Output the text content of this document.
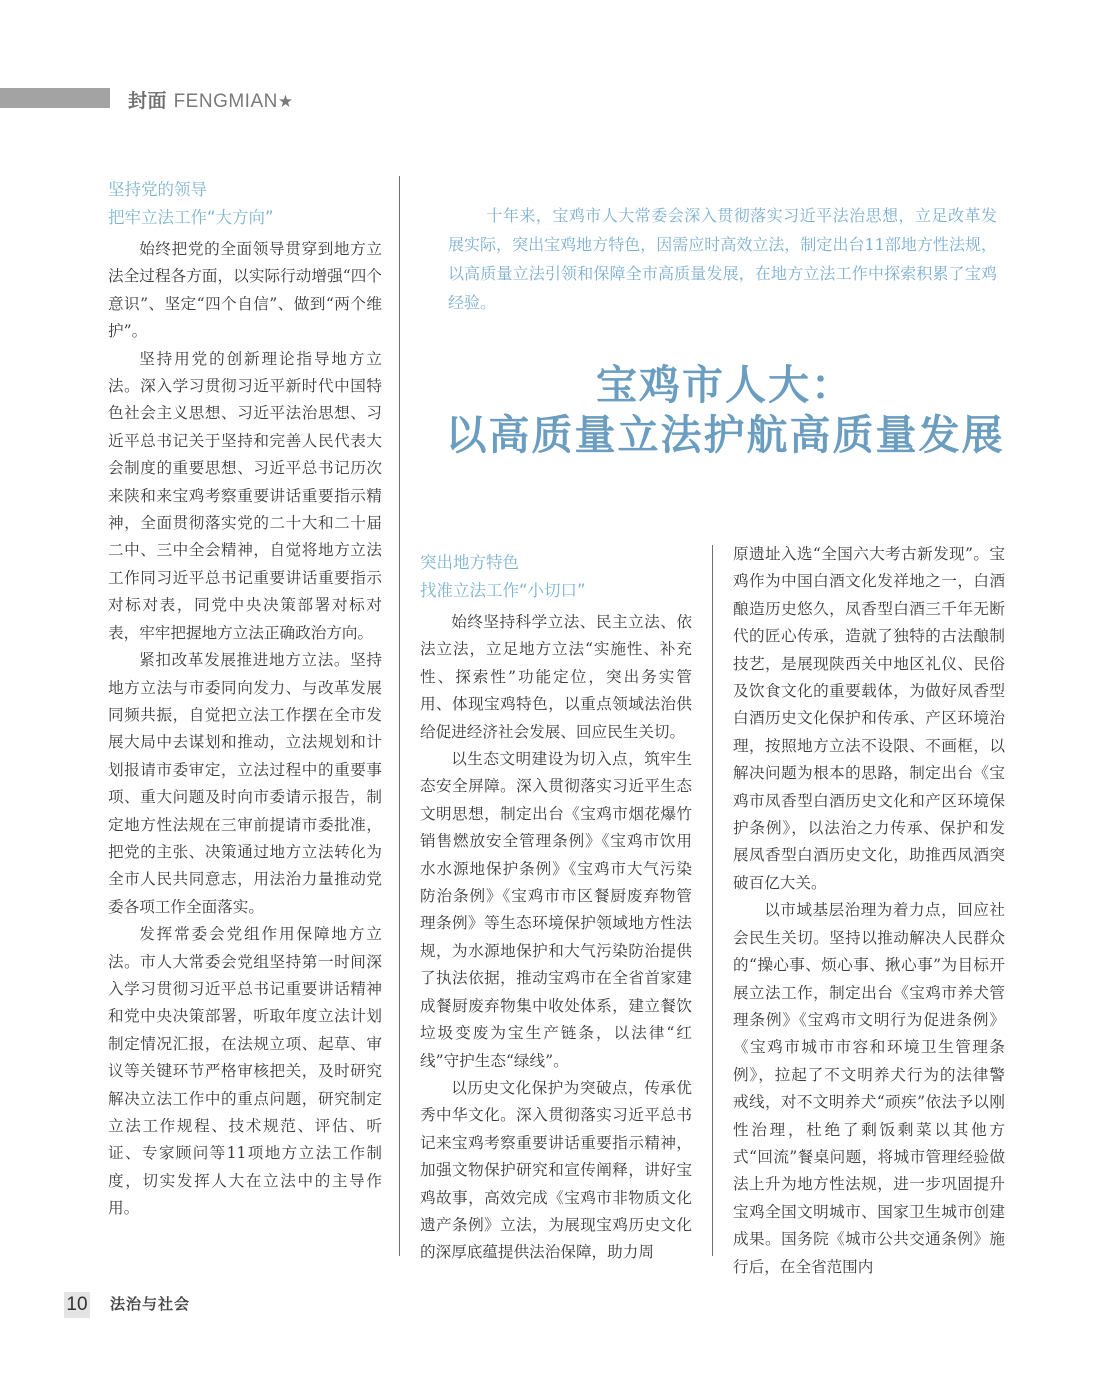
封面 FENGMIAN★
坚持党的领导
把牢立法工作“大方向”

始终把党的全面领导贯穿到地方立法全过程各方面，以实际行动增强“四个意识”、坚定“四个自信”、做到“两个维护”。

坚持用党的创新理论指导地方立法。深入学习贯彻习近平新时代中国特色社会主义思想、习近平法治思想、习近平总书记关于坚持和完善人民代表大会制度的重要思想、习近平总书记历次来陕和来宝鸡考察重要讲话重要指示精神，全面贯彻落实党的二十大和二十届二中、三中全会精神，自觉将地方立法工作同习近平总书记重要讲话重要指示对标对表，同党中央决策部署对标对表，牢牢把握地方立法正确政治方向。

紧扣改革发展推进地方立法。坚持地方立法与市委同向发力、与改革发展同频共振，自觉把立法工作摆在全市发展大局中去谋划和推动，立法规划和计划报请市委审定，立法过程中的重要事项、重大问题及时向市委请示报告，制定地方性法规在三审前提请市委批准，把党的主张、决策通过地方立法转化为全市人民共同意志，用法治力量推动党委各项工作全面落实。

发挥常委会党组作用保障地方立法。市人大常委会党组坚持第一时间深入学习贯彻习近平总书记重要讲话精神和党中央决策部署，听取年度立法计划制定情况汇报，在法规立项、起草、审议等关键环节严格审核把关，及时研究解决立法工作中的重点问题，研究制定立法工作规程、技术规范、评估、听证、专家顾问等11项地方立法工作制度，切实发挥人大在立法中的主导作用。

十年来，宝鸡市人大常委会深入贯彻落实习近平法治思想，立足改革发展实际，突出宝鸡地方特色，因需应时高效立法，制定出台11部地方性法规，以高质量立法引领和保障全市高质量发展，在地方立法工作中探索积累了宝鸡经验。

宝鸡市人大：
以高质量立法护航高质量发展
突出地方特色
找准立法工作“小切口”

始终坚持科学立法、民主立法、依法立法，立足地方立法“实施性、补充性、探索性”功能定位，突出务实管用、体现宝鸡特色，以重点领域法治供给促进经济社会发展、回应民生关切。

以生态文明建设为切入点，筑牢生态安全屏障。深入贯彻落实习近平生态文明思想，制定出台《宝鸡市烟花爆竹销售燃放安全管理条例》《宝鸡市饮用水水源地保护条例》《宝鸡市大气污染防治条例》《宝鸡市市区餐厨废弃物管理条例》等生态环境保护领域地方性法规，为水源地保护和大气污染防治提供了执法依据，推动宝鸡市在全省首家建成餐厨废弃物集中收处体系，建立餐饮垃圾变废为宝生产链条，以法律“红线”守护生态“绿线”。

以历史文化保护为突破点，传承优秀中华文化。深入贯彻落实习近平总书记来宝鸡考察重要讲话重要指示精神，加强文物保护研究和宣传阐释，讲好宝鸡故事，高效完成《宝鸡市非物质文化遗产条例》立法，为展现宝鸡历史文化的深厚底蕴提供法治保障，助力周

原遗址入选“全国六大考古新发现”。宝鸡作为中国白酒文化发祥地之一，白酒酿造历史悠久，凤香型白酒三千年无断代的匠心传承，造就了独特的古法酿制技艺，是展现陕西关中地区礼仪、民俗及饮食文化的重要载体，为做好凤香型白酒历史文化保护和传承、产区环境治理，按照地方立法不设限、不画框，以解决问题为根本的思路，制定出台《宝鸡市凤香型白酒历史文化和产区环境保护条例》，以法治之力传承、保护和发展凤香型白酒历史文化，助推西凤酒突破百亿大关。

以市域基层治理为着力点，回应社会民生关切。坚持以推动解决人民群众的“操心事、烦心事、揪心事”为目标开展立法工作，制定出台《宝鸡市养犬管理条例》《宝鸡市文明行为促进条例》《宝鸡市城市市容和环境卫生管理条例》，拉起了不文明养犬行为的法律警戒线，对不文明养犬“顽疾”依法予以刚性治理，杜绝了剩饭剩菜以其他方式“回流”餐桌问题，将城市管理经验做法上升为地方性法规，进一步巩固提升宝鸡全国文明城市、国家卫生城市创建成果。国务院《城市公共交通条例》施行后，在全省范围内

10 法治与社会
